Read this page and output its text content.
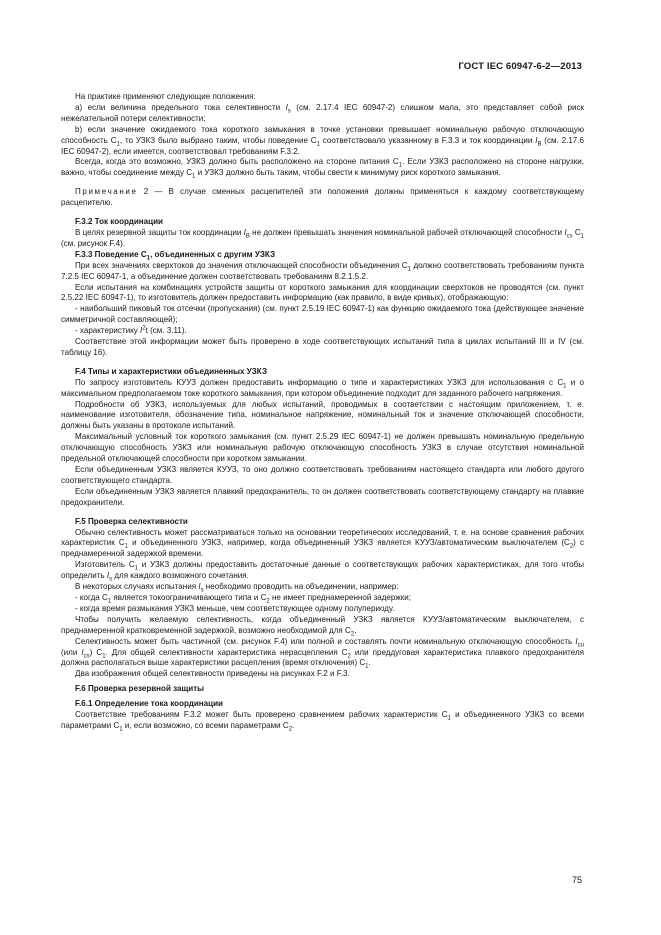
ГОСТ IEC 60947-6-2—2013

На практике применяют следующие положения:

a) если величина предельного тока селективности $I_s$ (см. 2.17.4 IEC 60947-2) слишком мала, это представляет собой риск нежелательной потери селективности;

b) если значение ожидаемого тока короткого замыкания в точке установки превышает номинальную рабочую отключающую способность $C_1$, то УЗКЗ было выбрано таким, чтобы поведение $C_1$ соответствовало указанному в F.3.3 и ток координации $I_B$ (см. 2.17.6 IEC 60947-2), если имеется, соответствовал требованиям F.3.2.

Всегда, когда это возможно, УЗКЗ должно быть расположено на стороне питания $C_1$. Если УЗКЗ расположено на стороне нагрузки, важно, чтобы соединение между $C_1$ и УЗКЗ должно быть таким, чтобы свести к минимуму риск короткого замыкания.

Примечание 2 — В случае сменных расцепителей эти положения должны применяться к каждому соответствующему расцепителю.

F.3.2 Ток координации

В целях резервной защиты ток координации $I_B$ не должен превышать значения номинальной рабочей отключающей способности $I_{cs}$ $C_1$ (см. рисунок F.4).

F.3.3 Поведение $C_1$, объединенных с другим УЗКЗ

При всех значениях сверхтоков до значения отключающей способности объединения $C_1$ должно соответствовать требованиям пункта 7.2.5 IEC 60947-1, а объединение должен соответствовать требованиям 8.2.1.5.2.

Если испытания на комбинациях устройств защиты от короткого замыкания для координации сверхтоков не проводятся (см. пункт 2.5.22 IEC 60947-1), то изготовитель должен предоставить информацию (как правило, в виде кривых), отображающую:

- наибольший пиковый ток отсечки (пропускания) (см. пункт 2.5.19 IEC 60947-1) как функцию ожидаемого тока (действующее значение симметричной составляющей);

- характеристику $I^2t$ (см. 3.11).

Соответствие этой информации может быть проверено в ходе соответствующих испытаний типа в циклах испытаний III и IV (см. таблицу 16).

F.4 Типы и характеристики объединенных УЗКЗ

По запросу изготовитель КУУЗ должен предоставить информацию о типе и характеристиках УЗКЗ для использования с $C_1$ и о максимальном предполагаемом токе короткого замыкания, при котором объединение подходит для заданного рабочего напряжения.

Подробности об УЗКЗ, используемых для любых испытаний, проводимых в соответствии с настоящим приложением, т. е. наименование изготовителя, обозначение типа, номинальное напряжение, номинальный ток и значение отключающей способности, должны быть указаны в протоколе испытаний.

Максимальный условный ток короткого замыкания (см. пункт 2.5.29 IEC 60947-1) не должен превышать номинальную предельную отключающую способность УЗКЗ или номинальную рабочую отключающую способность УЗКЗ в случае отсутствия номинальной предельной отключающей способности при коротком замыкании.

Если объединенным УЗКЗ является КУУЗ, то оно должно соответствовать требованиям настоящего стандарта или любого другого соответствующего стандарта.

Если объединенным УЗКЗ является плавкий предохранитель, то он должен соответствовать соответствующему стандарту на плавкие предохранители.

F.5 Проверка селективности

Обычно селективность может рассматриваться только на основании теоретических исследований, т. е. на основе сравнения рабочих характеристик $C_1$ и объединенного УЗКЗ, например, когда объединенный УЗКЗ является КУУЗ/автоматическим выключателем $(C_2)$ с преднамеренной задержкой времени.

Изготовитель $C_1$ и УЗКЗ должны предоставить достаточные данные о соответствующих рабочих характеристиках, для того чтобы определить $I_s$ для каждого возможного сочетания.

В некоторых случаях испытания $I_s$ необходимо проводить на объединении, например:

- когда $C_1$ является токоограничивающего типа и $C_2$ не имеет преднамеренной задержки;

- когда время размыкания УЗКЗ меньше, чем соответствующее одному полупериоду.

Чтобы получить желаемую селективность, когда объединенный УЗКЗ является КУУЗ/автоматическим выключателем, с преднамеренной кратковременной задержкой, возможно необходимой для $C_2$.

Селективность может быть частичной (см. рисунок F.4) или полной и составлять почти номинальную отключающую способность $I_{cu}$ (или $I_{cs}$) $C_1$. Для общей селективности характеристика нерасцепления $C_2$ или преддуговая характеристика плавкого предохранителя должна располагаться выше характеристики расцепления (время отключения) $C_1$.

Два изображения общей селективности приведены на рисунках F.2 и F.3.

F.6 Проверка резервной защиты

F.6.1 Определение тока координации

Соответствие требованиям F.3.2 может быть проверено сравнением рабочих характеристик $C_1$ и объединенного УЗКЗ со всеми параметрами $C_1$ и, если возможно, со всеми параметрами $C_2$.

75
